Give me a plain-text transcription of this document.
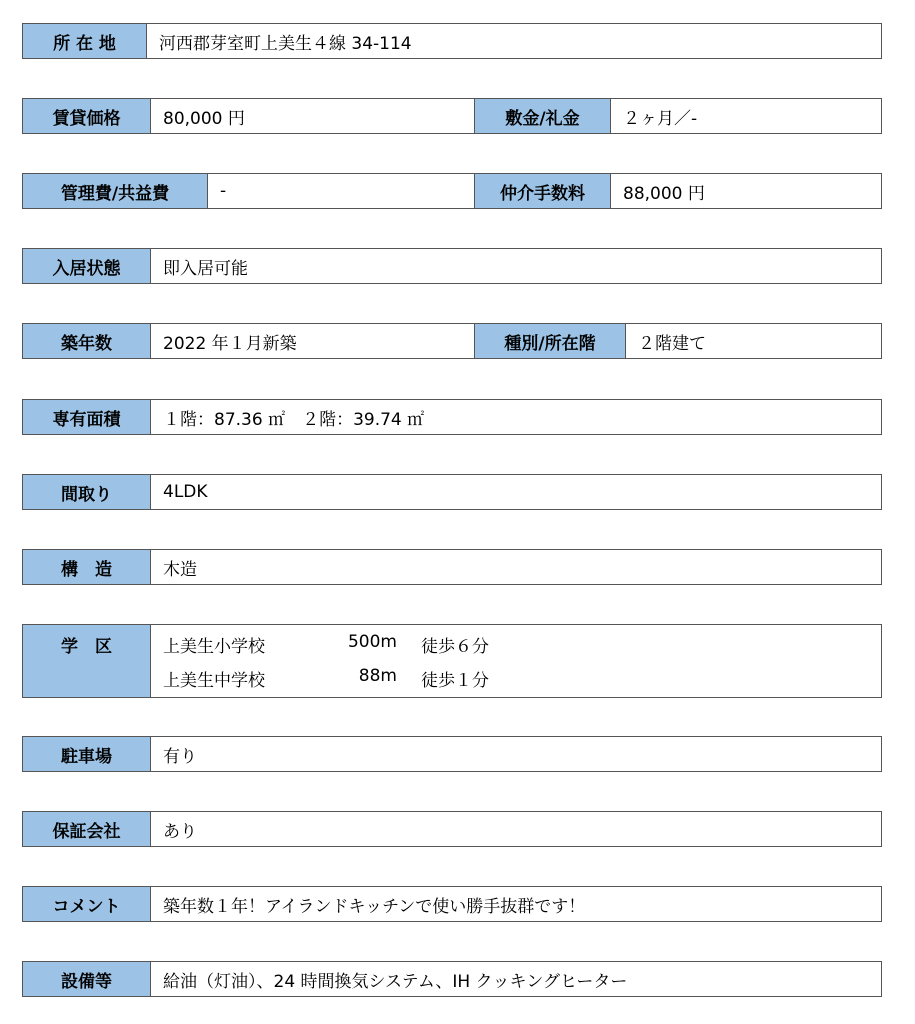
所 在 地	河西郡芽室町上美生４線 34-114
賃貸価格	80,000 円	敷金/礼金	２ヶ月／-
管理費/共益費	-	仲介手数料	88,000 円
入居状態	即入居可能
築年数	2022 年１月新築	種別/所在階	２階建て
専有面積	１階：87.36 ㎡　２階：39.74 ㎡
間取り	4LDK
構　造	木造
学　区	上美生小学校	500m 徒歩６分
上美生中学校	88m 徒歩１分
駐車場	有り
保証会社	あり
コメント	築年数１年！アイランドキッチンで使い勝手抜群です！
設備等	給油（灯油）、24 時間換気システム、IH クッキングヒーター
